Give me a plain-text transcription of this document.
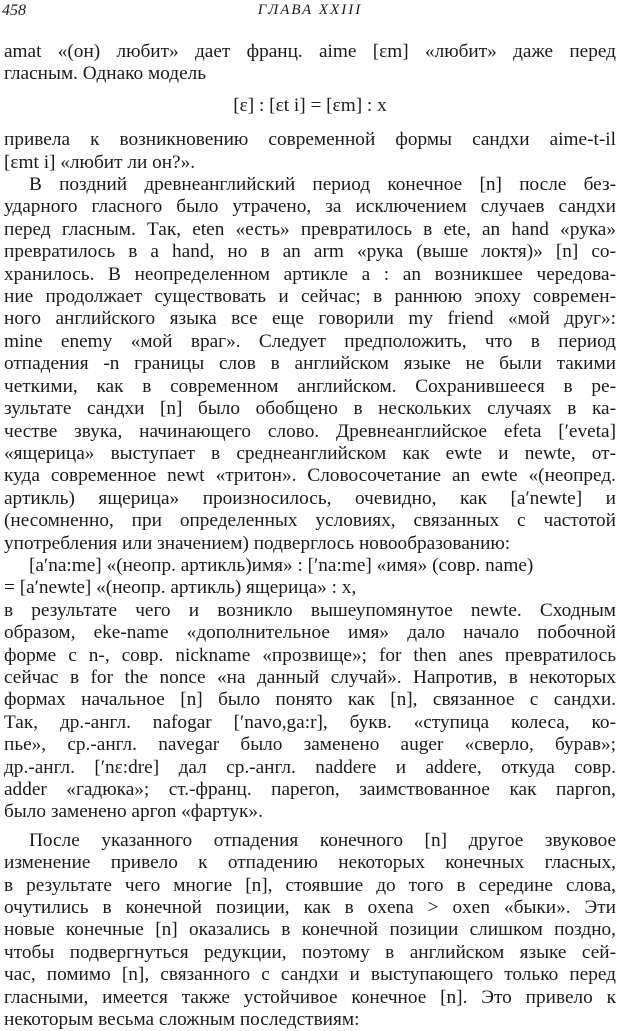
458	ГЛАВА XXIII

amat «(он) любит» дает франц. aime [ɛm] «любит» даже перед

гласным. Однако модель

[ɛ] : [ɛt i] = [ɛm] : x

привела к возникновению современной формы сандхи aime-t-il

[ɛmt i] «любит ли он?».

В поздний древнеанглийский период конечное [n] после без-

ударного гласного было утрачено, за исключением случаев сандхи

перед гласным. Так, eten «есть» превратилось в ete, an hand «рука»

превратилось в a hand, но в an arm «рука (выше локтя)» [n] со-

хранилось. В неопределенном артикле a : an возникшее чередова-

ние продолжает существовать и сейчас; в раннюю эпоху современ-

ного английского языка все еще говорили my friend «мой друг»:

mine enemy «мой враг». Следует предположить, что в период

отпадения -n границы слов в английском языке не были такими

четкими, как в современном английском. Сохранившееся в ре-

зультате сандхи [n] было обобщено в нескольких случаях в ка-

честве звука, начинающего слово. Древнеанглийское efeta [ʹeveta]

«ящерица» выступает в среднеанглийском как ewte и newte, от-

куда современное newt «тритон». Словосочетание an ewte «(неопред.

артикль) ящерица» произносилось, очевидно, как [aʹnewte] и

(несомненно, при определенных условиях, связанных с частотой

употребления или значением) подверглось новообразованию:

[aʹna:me] «(неопр. артикль)имя» : [ʹna:me] «имя» (совр. name)

= [aʹnewte] «(неопр. артикль) ящерица» : x,

в результате чего и возникло вышеупомянутое newte. Сходным

образом, eke-name «дополнительное имя» дало начало побочной

форме с n-, совр. nickname «прозвище»; for then anes превратилось

сейчас в for the nonce «на данный случай». Напротив, в некоторых

формах начальное [n] было понято как [n], связанное с сандхи.

Так, др.-англ. nafogar [ʹnavo,ga:r], букв. «ступица колеса, ко-

пье», ср.-англ. navegar было заменено auger «сверло, бурав»;

др.-англ. [ʹnɛ:dre] дал ср.-англ. naddere и addere, откуда совр.

adder «гадюка»; ст.-франц. парегоn, заимствованное как паргоn,

было заменено аргоn «фартук».

После указанного отпадения конечного [n] другое звуковое

изменение привело к отпадению некоторых конечных гласных,

в результате чего многие [n], стоявшие до того в середине слова,

очутились в конечной позиции, как в oxena > oxen «быки». Эти

новые конечные [n] оказались в конечной позиции слишком поздно,

чтобы подвергнуться редукции, поэтому в английском языке сей-

час, помимо [n], связанного с сандхи и выступающего только перед

гласными, имеется также устойчивое конечное [n]. Это привело к

некоторым весьма сложным последствиям:
